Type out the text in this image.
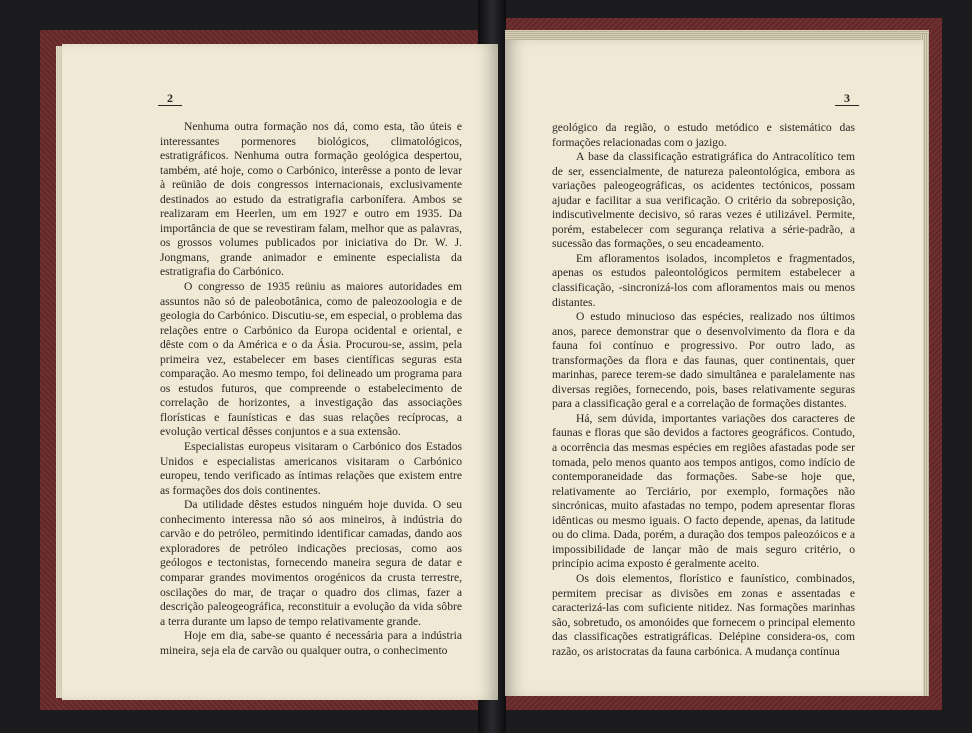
2

Nenhuma outra formação nos dá, como esta, tão úteis e interessantes pormenores biológicos, climatológicos, estratigráficos. Nenhuma outra formação geológica despertou, também, até hoje, como o Carbónico, interêsse a ponto de levar à reünião de dois congressos internacionais, exclusivamente destinados ao estudo da estratigrafia carbonífera. Ambos se realizaram em Heerlen, um em 1927 e outro em 1935. Da importância de que se revestiram falam, melhor que as palavras, os grossos volumes publicados por iniciativa do Dr. W. J. Jongmans, grande animador e eminente especialista da estratigrafia do Carbónico.

O congresso de 1935 reüniu as maiores autoridades em assuntos não só de paleobotânica, como de paleozoologia e de geologia do Carbónico. Discutiu-se, em especial, o problema das relações entre o Carbónico da Europa ocidental e oriental, e dêste com o da América e o da Ásia. Procurou-se, assim, pela primeira vez, estabelecer em bases científicas seguras esta comparação. Ao mesmo tempo, foi delineado um programa para os estudos futuros, que compreende o estabelecimento de correlação de horizontes, a investigação das associações florísticas e faunísticas e das suas relações recíprocas, a evolução vertical dêsses conjuntos e a sua extensão.

Especialistas europeus visitaram o Carbónico dos Estados Unidos e especialistas americanos visitaram o Carbónico europeu, tendo verificado as íntimas relações que existem entre as formações dos dois continentes.

Da utilidade dêstes estudos ninguém hoje duvida. O seu conhecimento interessa não só aos mineiros, à indústria do carvão e do petróleo, permitindo identificar camadas, dando aos exploradores de petróleo indicações preciosas, como aos geólogos e tectonistas, fornecendo maneira segura de datar e comparar grandes movimentos orogénicos da crusta terrestre, oscilações do mar, de traçar o quadro dos climas, fazer a descrição paleogeográfica, reconstituir a evolução da vida sôbre a terra durante um lapso de tempo relativamente grande.

Hoje em dia, sabe-se quanto é necessária para a indústria mineira, seja ela de carvão ou qualquer outra, o conhecimento

3

geológico da região, o estudo metódico e sistemático das formações relacionadas com o jazigo.

A base da classificação estratigráfica do Antracolítico tem de ser, essencialmente, de natureza paleontológica, embora as variações paleogeográficas, os acidentes tectónicos, possam ajudar e facilitar a sua verificação. O critério da sobreposição, indiscutìvelmente decisivo, só raras vezes é utilizável. Permite, porém, estabelecer com segurança relativa a série-padrão, a sucessão das formações, o seu encadeamento.

Em afloramentos isolados, incompletos e fragmentados, apenas os estudos paleontológicos permitem estabelecer a classificação, -sincronizá-los com afloramentos mais ou menos distantes.

O estudo minucioso das espécies, realizado nos últimos anos, parece demonstrar que o desenvolvimento da flora e da fauna foi contínuo e progressivo. Por outro lado, as transformações da flora e das faunas, quer continentais, quer marinhas, parece terem-se dado simultânea e paralelamente nas diversas regiões, fornecendo, pois, bases relativamente seguras para a classificação geral e a correlação de formações distantes.

Há, sem dúvida, importantes variações dos caracteres de faunas e floras que são devidos a factores geográficos. Contudo, a ocorrência das mesmas espécies em regiões afastadas pode ser tomada, pelo menos quanto aos tempos antigos, como indício de contemporaneidade das formações. Sabe-se hoje que, relativamente ao Terciário, por exemplo, formações não sincrónicas, muito afastadas no tempo, podem apresentar floras idênticas ou mesmo iguais. O facto depende, apenas, da latitude ou do clima. Dada, porém, a duração dos tempos paleozóicos e a impossibilidade de lançar mão de mais seguro critério, o princípio acima exposto é geralmente aceito.

Os dois elementos, florístico e faunístico, combinados, permitem precisar as divisões em zonas e assentadas e caracterizá-las com suficiente nitidez. Nas formações marinhas são, sobretudo, os amonóides que fornecem o principal elemento das classificações estratigráficas. Delépine considera-os, com razão, os aristocratas da fauna carbónica. A mudança contínua
